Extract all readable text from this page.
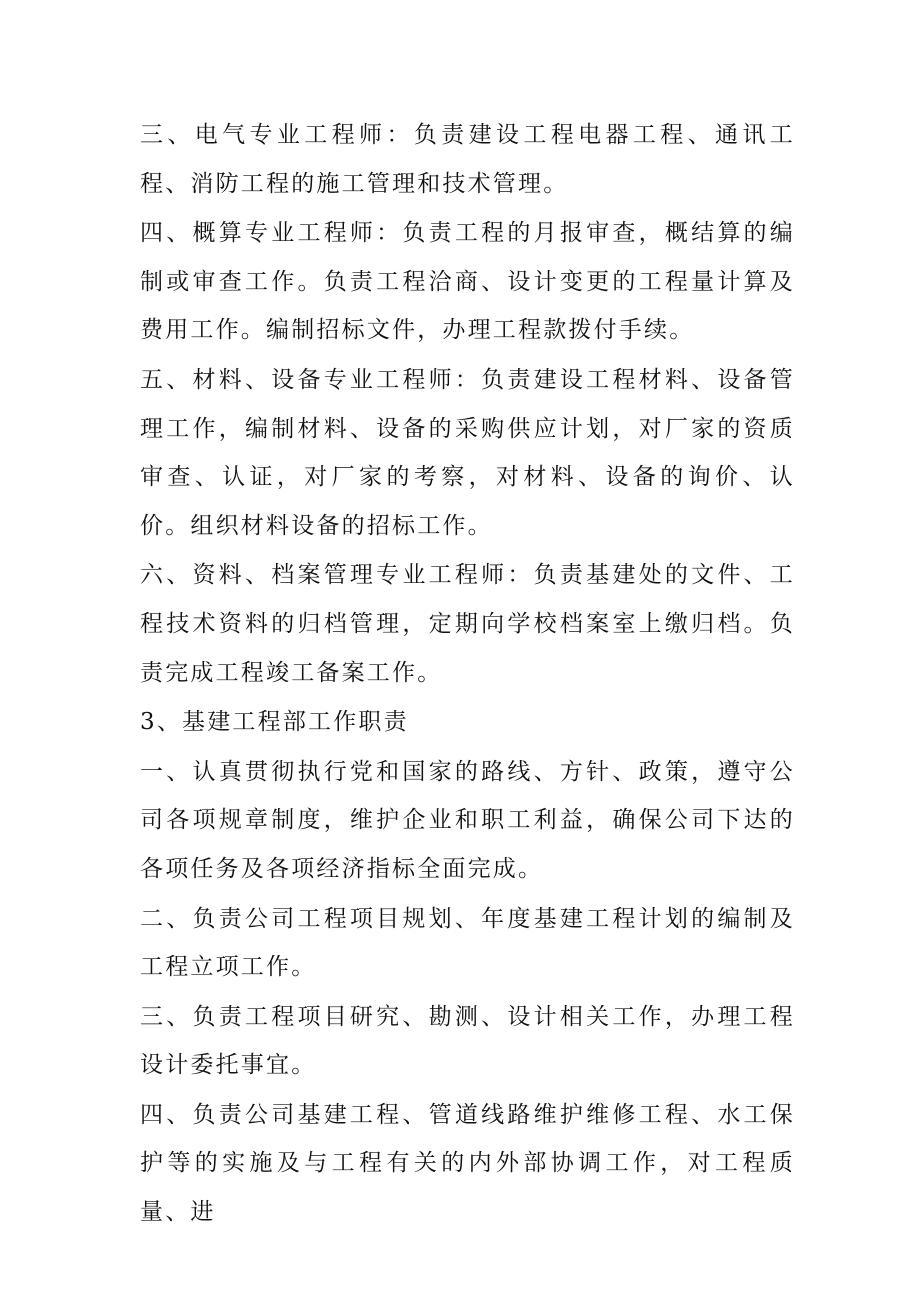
三、电气专业工程师：负责建设工程电器工程、通讯工程、消防工程的施工管理和技术管理。

四、概算专业工程师：负责工程的月报审查，概结算的编制或审查工作。负责工程洽商、设计变更的工程量计算及费用工作。编制招标文件，办理工程款拨付手续。

五、材料、设备专业工程师：负责建设工程材料、设备管理工作，编制材料、设备的采购供应计划，对厂家的资质审查、认证，对厂家的考察，对材料、设备的询价、认价。组织材料设备的招标工作。

六、资料、档案管理专业工程师：负责基建处的文件、工程技术资料的归档管理，定期向学校档案室上缴归档。负责完成工程竣工备案工作。

3、基建工程部工作职责

一、认真贯彻执行党和国家的路线、方针、政策，遵守公司各项规章制度，维护企业和职工利益，确保公司下达的各项任务及各项经济指标全面完成。

二、负责公司工程项目规划、年度基建工程计划的编制及工程立项工作。

三、负责工程项目研究、勘测、设计相关工作，办理工程设计委托事宜。

四、负责公司基建工程、管道线路维护维修工程、水工保护等的实施及与工程有关的内外部协调工作，对工程质量、进
